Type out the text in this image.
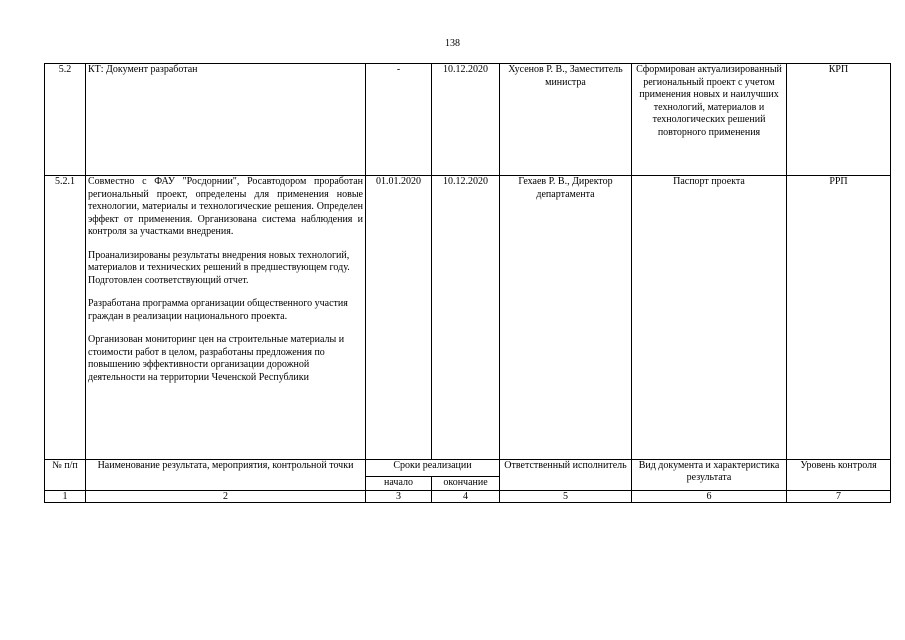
138
5.2	КТ: Документ разработан	-	10.12.2020	Хусенов Р. В., Заместитель министра	Сформирован актуализированный региональный проект с учетом применения новых и наилучших технологий, материалов и технологических решений повторного применения	КРП
5.2.1	Совместно с ФАУ "Росдорнии", Росавтодором проработан региональный проект, определены для применения новые технологии, материалы и технологические решения. Определен эффект от применения. Организована система наблюдения и контроля за участками внедрения.

Проанализированы результаты внедрения новых технологий, материалов и технических решений в предшествующем году. Подготовлен соответствующий отчет.

Разработана программа организации общественного участия граждан в реализации национального проекта.

Организован мониторинг цен на строительные материалы и стоимости работ в целом, разработаны предложения по повышению эффективности организации дорожной деятельности на территории Чеченской Республики	01.01.2020	10.12.2020	Гехаев Р. В., Директор департамента	Паспорт проекта	РРП
№ п/п	Наименование результата, мероприятия, контрольной точки	Сроки реализации		Ответственный исполнитель	Вид документа и характеристика результата	Уровень контроля
		начало	окончание			
1	2	3	4	5	6	7
